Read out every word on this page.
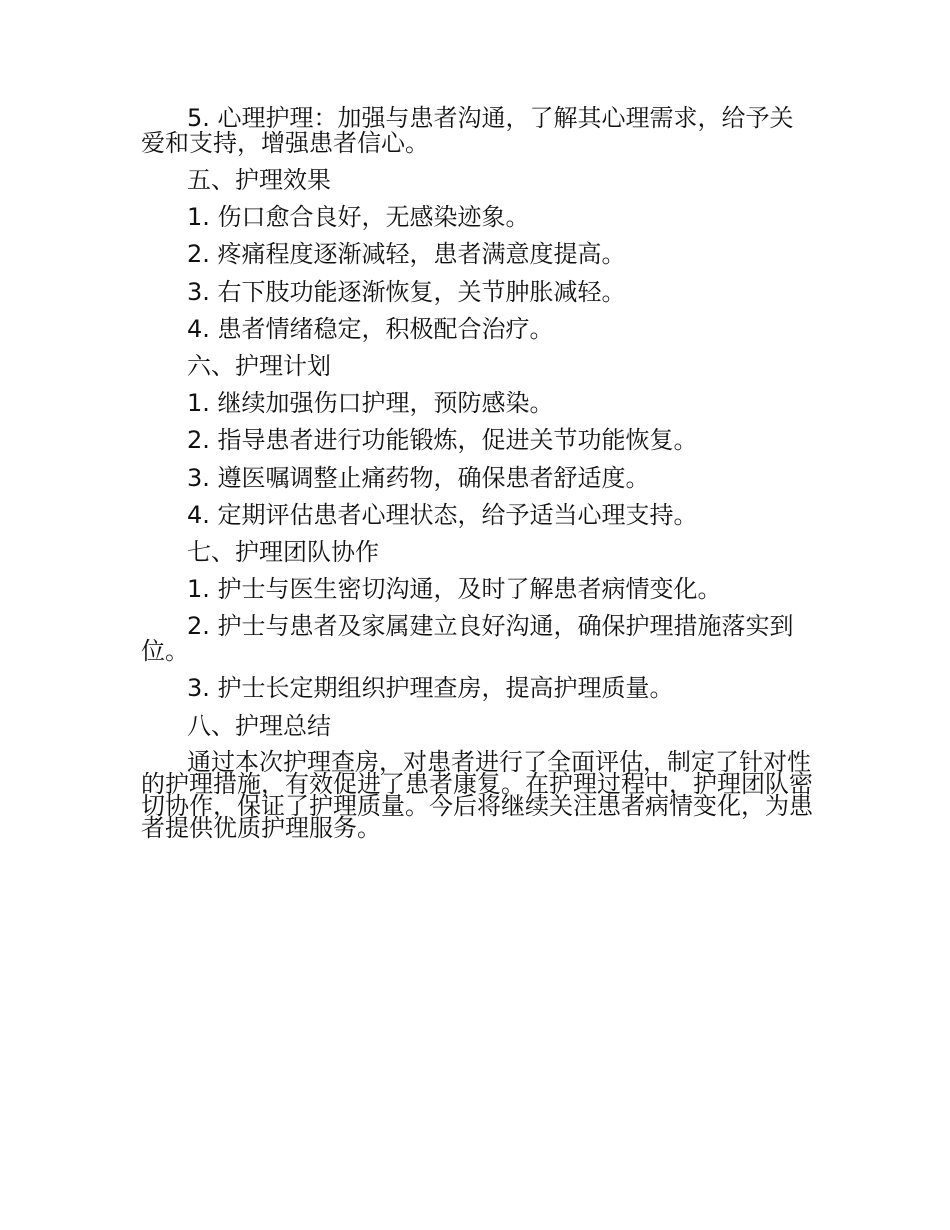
5. 心理护理：加强与患者沟通，了解其心理需求，给予关爱和支持，增强患者信心。

五、护理效果

1. 伤口愈合良好，无感染迹象。

2. 疼痛程度逐渐减轻，患者满意度提高。

3. 右下肢功能逐渐恢复，关节肿胀减轻。

4. 患者情绪稳定，积极配合治疗。

六、护理计划

1. 继续加强伤口护理，预防感染。

2. 指导患者进行功能锻炼，促进关节功能恢复。

3. 遵医嘱调整止痛药物，确保患者舒适度。

4. 定期评估患者心理状态，给予适当心理支持。

七、护理团队协作

1. 护士与医生密切沟通，及时了解患者病情变化。

2. 护士与患者及家属建立良好沟通，确保护理措施落实到位。

3. 护士长定期组织护理查房，提高护理质量。

八、护理总结

通过本次护理查房，对患者进行了全面评估，制定了针对性的护理措施，有效促进了患者康复。在护理过程中，护理团队密切协作，保证了护理质量。今后将继续关注患者病情变化，为患者提供优质护理服务。
